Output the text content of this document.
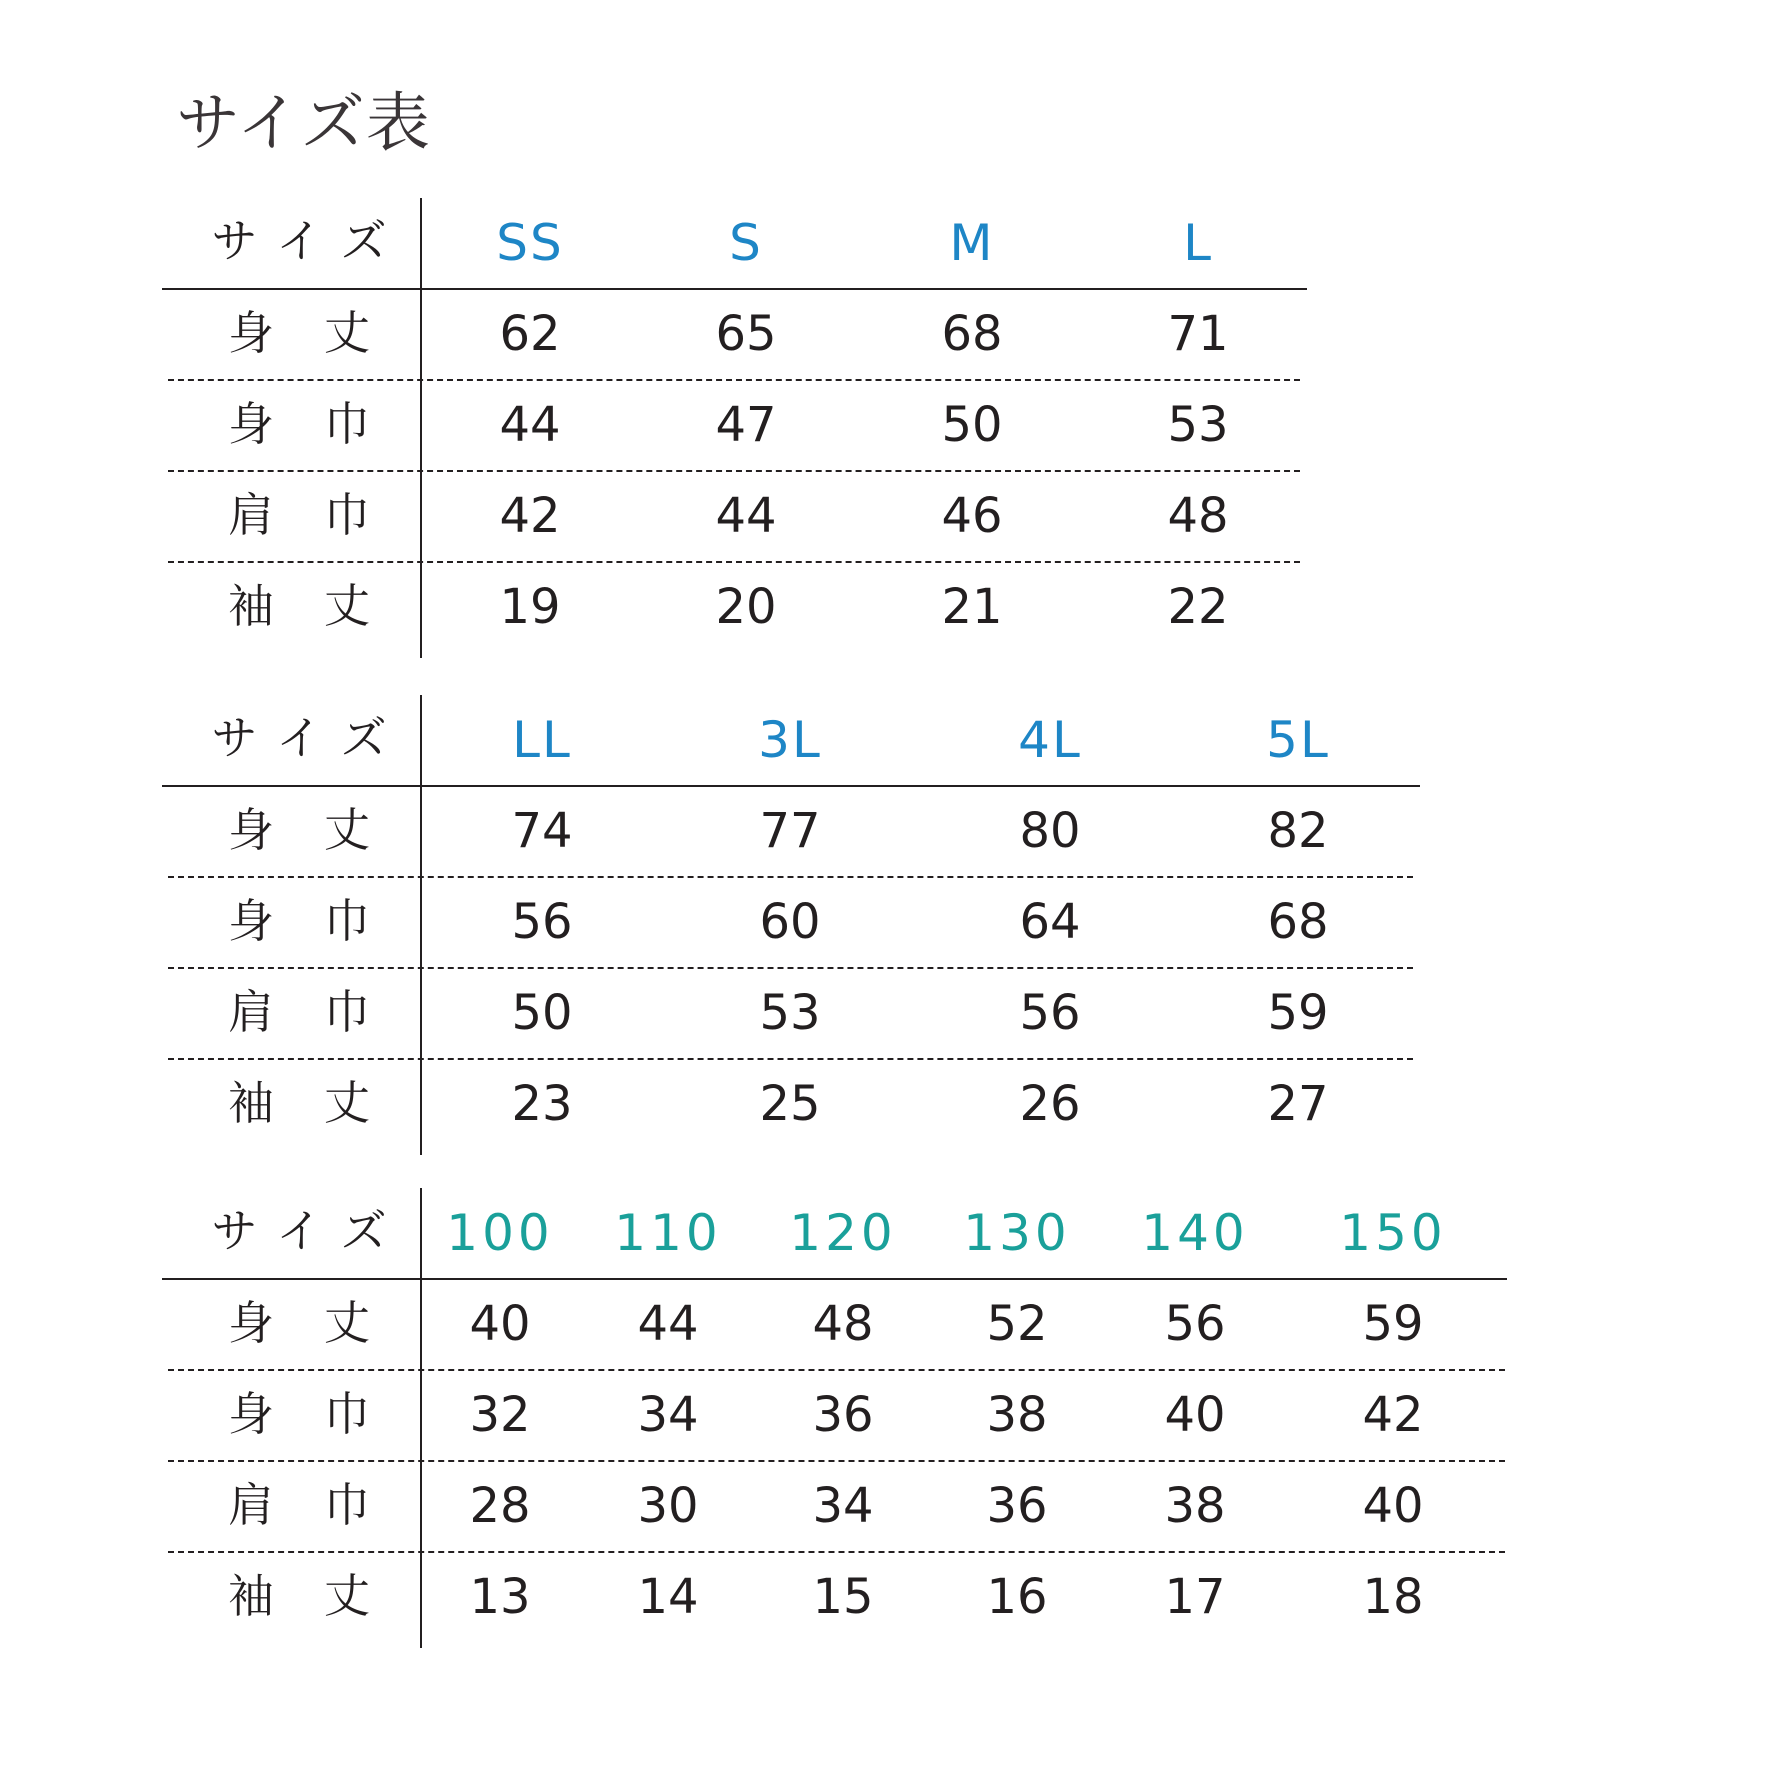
サイズ表
サ イ ズ	SS	S	M	L
身　丈	62	65	68	71
身　巾	44	47	50	53
肩　巾	42	44	46	48
袖　丈	19	20	21	22
サ イ ズ	LL	3L	4L	5L
身　丈	74	77	80	82
身　巾	56	60	64	68
肩　巾	50	53	56	59
袖　丈	23	25	26	27
サ イ ズ	100	110	120	130	140	150
身　丈	40	44	48	52	56	59
身　巾	32	34	36	38	40	42
肩　巾	28	30	34	36	38	40
袖　丈	13	14	15	16	17	18
